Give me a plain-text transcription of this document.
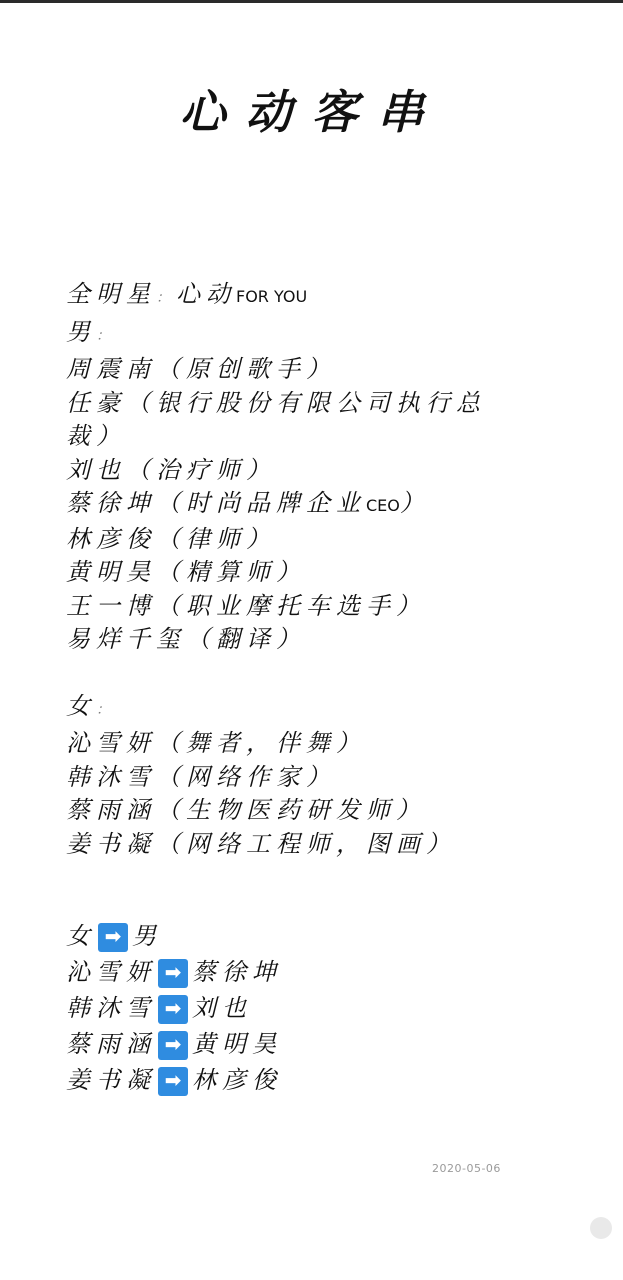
心动客串
全明星：心动FOR YOU
男：
周震南（原创歌手）
任豪（银行股份有限公司执行总裁）
刘也（治疗师）
蔡徐坤（时尚品牌企业CEO）
林彦俊（律师）
黄明昊（精算师）
王一博（职业摩托车选手）
易烊千玺（翻译）
女：
沁雪妍（舞者，伴舞）
韩沐雪（网络作家）
蔡雨涵（生物医药研发师）
姜书凝（网络工程师，图画）
女 ➡ 男
沁雪妍 ➡ 蔡徐坤
韩沐雪 ➡ 刘也
蔡雨涵 ➡ 黄明昊
姜书凝 ➡ 林彦俊
2020-05-06
